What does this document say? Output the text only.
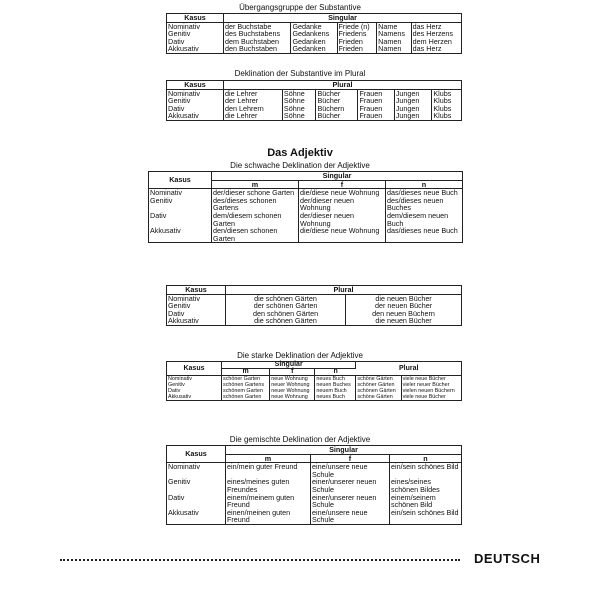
Übergangsgruppe der Substantive
Kasus	Singular				
Nominativ	der Buchstabe	Gedanke	Friede (n)	Name	das Herz
Genitiv	des Buchstabens	Gedankens	Friedens	Namens	des Herzens
Dativ	dem Buchstaben	Gedanken	Frieden	Namen	dem Herzen
Akkusativ	den Buchstaben	Gedanken	Frieden	Namen	das Herz
Deklination der Substantive im Plural
Kasus	Plural					
Nominativ	die Lehrer	Söhne	Bücher	Frauen	Jungen	Klubs
Genitiv	der Lehrer	Söhne	Bücher	Frauen	Jungen	Klubs
Dativ	den Lehrern	Söhne	Büchern	Frauen	Jungen	Klubs
Akkusativ	die Lehrer	Söhne	Bücher	Frauen	Jungen	Klubs
Das Adjektiv
Die schwache Deklination der Adjektive
Kasus	Singular		
	m	f	n
Nominativ	der/dieser schone Garten	die/diese neue Wohnung	das/dieses neue Buch
Genitiv	des/dieses schonen Gartens	der/dieser neuen Wohnung	des/dieses neuen Buches
Dativ	dem/diesem schonen Garten	der/dieser neuen Wohnung	dem/diesem neuen Buch
Akkusativ	den/diesen schonen Garten	die/diese neue Wohnung	das/dieses neue Buch
Kasus	Plural	
Nominativ	die schönen Gärten	die neuen Bücher
Genitiv	der schönen Gärten	der neuen Bücher
Dativ	den schönen Gärten	den neuen Büchern
Akkusativ	die schönen Gärten	die neuen Bücher
Die starke Deklination der Adjektive
Kasus	Singular			Plural	
	m	f	n		
Nominativ	schöner Garten	neue Wohnung	neues Buch	schöne Gärten	viele neue Bücher
Genitiv	schönen Gartens	neuer Wohnung	neuen Buches	schöner Gärten	vieler neuer Bücher
Dativ	schönem Garten	neuer Wohnung	neuem Buch	schönen Gärten	vielen neuen Büchern
Akkusativ	schönen Garten	neue Wohnung	neues Buch	schöne Gärten	viele neue Bücher
Die gemischte Deklination der Adjektive
Kasus	Singular		
	m	f	n
Nominativ	ein/mein guter Freund	eine/unsere neue Schule	ein/sein schönes Bild
Genitiv	eines/meines guten Freundes	einer/unserer neuen Schule	eines/seines schönen Bildes
Dativ	einem/meinem guten Freund	einer/unserer neuen Schule	einem/seinem schönen Bild
Akkusativ	einen/meinen guten Freund	eine/unsere neue Schule	ein/sein schönes Bild
DEUTSCH
